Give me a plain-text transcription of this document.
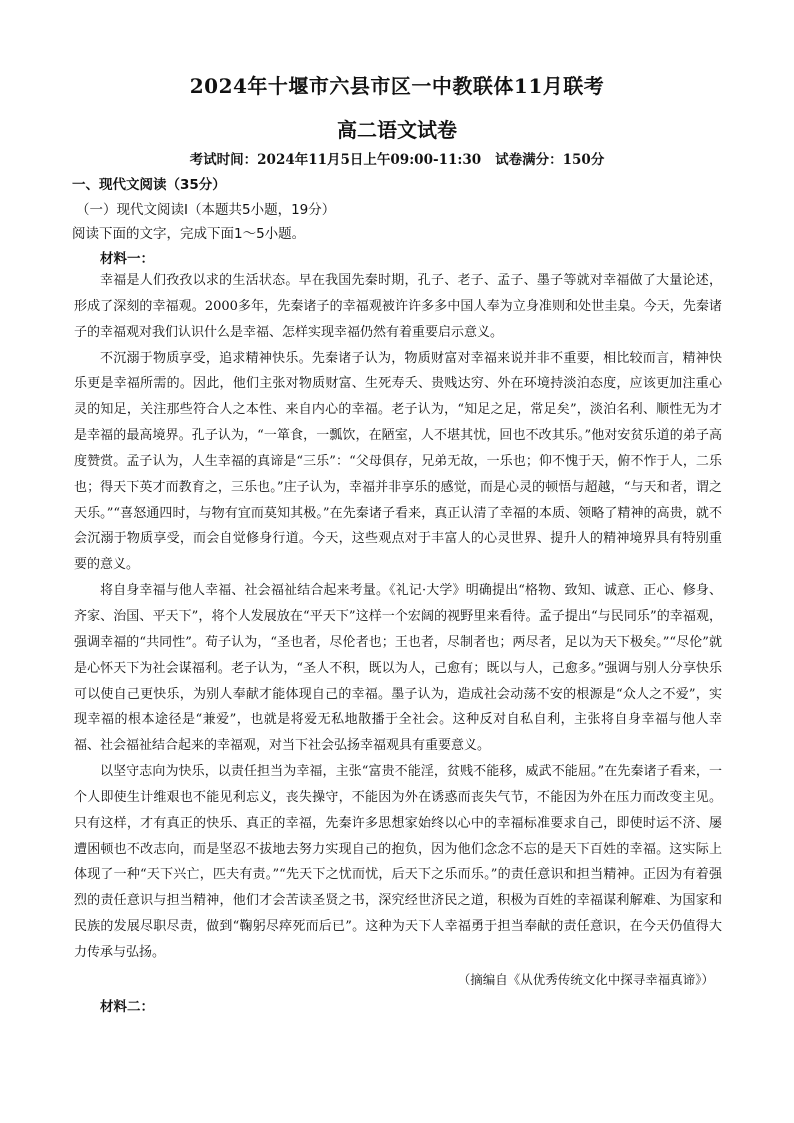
2024年十堰市六县市区一中教联体11月联考
高二语文试卷
考试时间：2024年11月5日上午09:00-11:30 试卷满分：150分
一、现代文阅读（35分）
（一）现代文阅读Ⅰ（本题共5小题，19分）
阅读下面的文字，完成下面1～5小题。
材料一：

幸福是人们孜孜以求的生活状态。早在我国先秦时期，孔子、老子、孟子、墨子等就对幸福做了大量论述，形成了深刻的幸福观。2000多年，先秦诸子的幸福观被许许多多中国人奉为立身准则和处世圭臬。今天，先秦诸子的幸福观对我们认识什么是幸福、怎样实现幸福仍然有着重要启示意义。

不沉溺于物质享受，追求精神快乐。先秦诸子认为，物质财富对幸福来说并非不重要，相比较而言，精神快乐更是幸福所需的。因此，他们主张对物质财富、生死寿夭、贵贱达穷、外在环境持淡泊态度，应该更加注重心灵的知足，关注那些符合人之本性、来自内心的幸福。老子认为，“知足之足，常足矣”，淡泊名利、顺性无为才是幸福的最高境界。孔子认为，“一箪食，一瓢饮，在陋室，人不堪其忧，回也不改其乐。”他对安贫乐道的弟子高度赞赏。孟子认为，人生幸福的真谛是“三乐”：“父母俱存，兄弟无故，一乐也；仰不愧于天，俯不怍于人，二乐也；得天下英才而教育之，三乐也。”庄子认为，幸福并非享乐的感觉，而是心灵的顿悟与超越，“与天和者，谓之天乐。”“喜怒通四时，与物有宜而莫知其极。”在先秦诸子看来，真正认清了幸福的本质、领略了精神的高贵，就不会沉溺于物质享受，而会自觉修身行道。今天，这些观点对于丰富人的心灵世界、提升人的精神境界具有特别重要的意义。

将自身幸福与他人幸福、社会福祉结合起来考量。《礼记·大学》明确提出“格物、致知、诚意、正心、修身、齐家、治国、平天下”，将个人发展放在“平天下”这样一个宏阔的视野里来看待。孟子提出“与民同乐”的幸福观，强调幸福的“共同性”。荀子认为，“圣也者，尽伦者也；王也者，尽制者也；两尽者，足以为天下极矣。”“尽伦”就是心怀天下为社会谋福利。老子认为，“圣人不积，既以为人，己愈有；既以与人，己愈多。”强调与别人分享快乐可以使自己更快乐，为别人奉献才能体现自己的幸福。墨子认为，造成社会动荡不安的根源是“众人之不爱”，实现幸福的根本途径是“兼爱”，也就是将爱无私地散播于全社会。这种反对自私自利，主张将自身幸福与他人幸福、社会福祉结合起来的幸福观，对当下社会弘扬幸福观具有重要意义。

以坚守志向为快乐，以责任担当为幸福，主张“富贵不能淫，贫贱不能移，威武不能屈。”在先秦诸子看来，一个人即使生计维艰也不能见利忘义，丧失操守，不能因为外在诱惑而丧失气节，不能因为外在压力而改变主见。只有这样，才有真正的快乐、真正的幸福，先秦许多思想家始终以心中的幸福标准要求自己，即使时运不济、屡遭困顿也不改志向，而是坚忍不拔地去努力实现自己的抱负，因为他们念念不忘的是天下百姓的幸福。这实际上体现了一种“天下兴亡，匹夫有责。”“先天下之忧而忧，后天下之乐而乐。”的责任意识和担当精神。正因为有着强烈的责任意识与担当精神，他们才会苦读圣贤之书，深究经世济民之道，积极为百姓的幸福谋利解难、为国家和民族的发展尽职尽责，做到“鞠躬尽瘁死而后已”。这种为天下人幸福勇于担当奉献的责任意识，在今天仍值得大力传承与弘扬。

（摘编自《从优秀传统文化中探寻幸福真谛》）
材料二：
